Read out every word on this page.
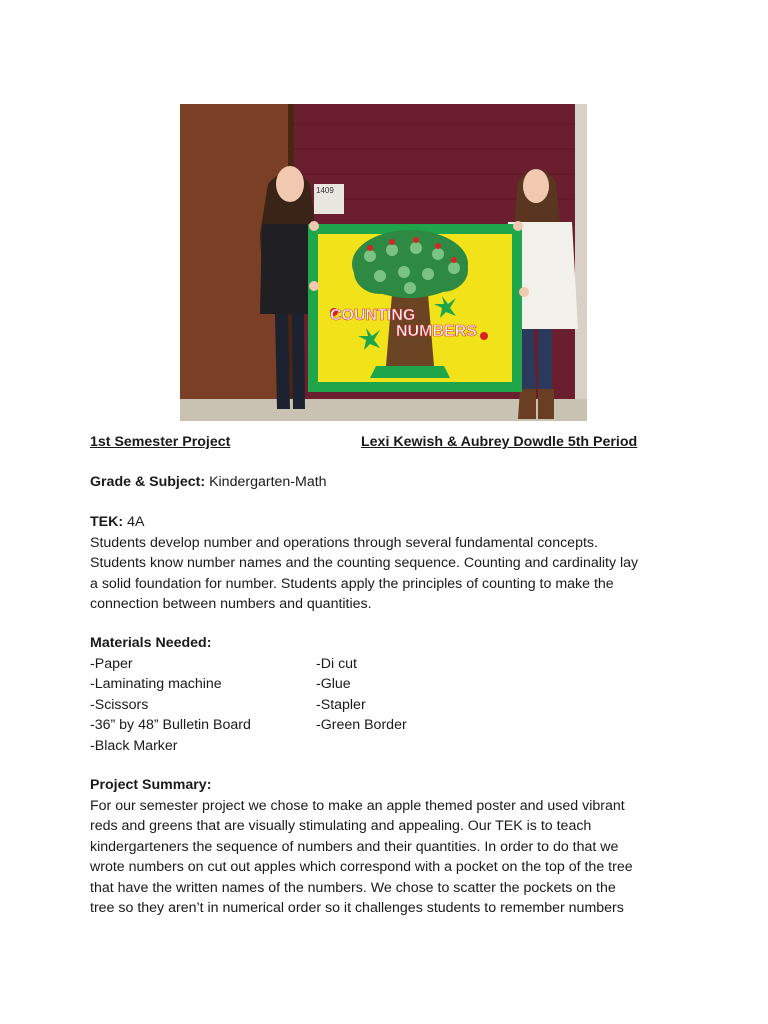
1409
COUNTING
NUMBERS
1st Semester Project	Lexi Kewish & Aubrey Dowdle 5th Period
Grade & Subject: Kindergarten-Math
TEK: 4A
Students develop number and operations through several fundamental concepts.
Students know number names and the counting sequence. Counting and cardinality lay
a solid foundation for number. Students apply the principles of counting to make the
connection between numbers and quantities.
Materials Needed:
-Paper
-Laminating machine
-Scissors
-36” by 48” Bulletin Board
-Black Marker
-Di cut
-Glue
-Stapler
-Green Border
Project Summary:
For our semester project we chose to make an apple themed poster and used vibrant
reds and greens that are visually stimulating and appealing. Our TEK is to teach
kindergarteners the sequence of numbers and their quantities. In order to do that we
wrote numbers on cut out apples which correspond with a pocket on the top of the tree
that have the written names of the numbers. We chose to scatter the pockets on the
tree so they aren’t in numerical order so it challenges students to remember numbers
